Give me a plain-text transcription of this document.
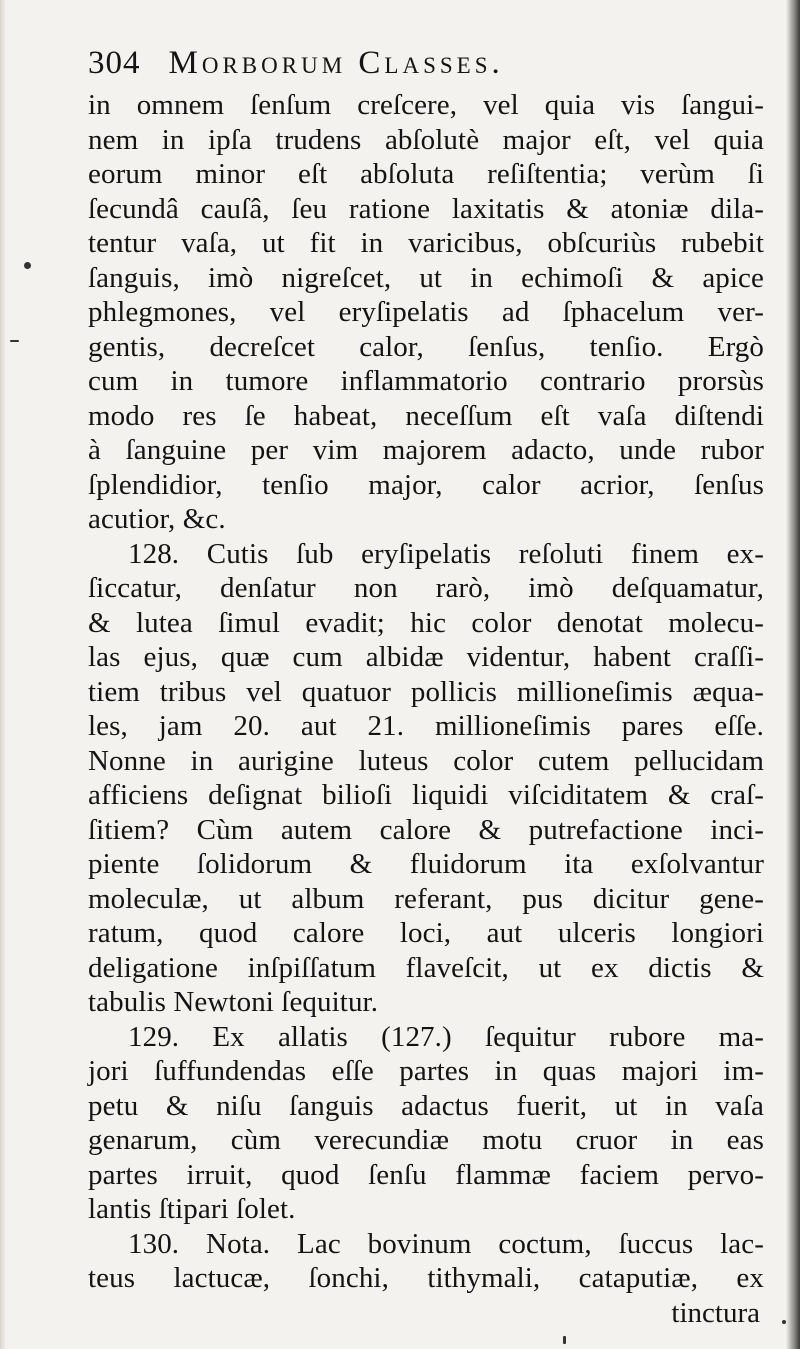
304 Morborum Classes.
in omnem ſenſum creſcere, vel quia vis ſangui-
nem in ipſa trudens abſolutè major eſt, vel quia
eorum minor eſt abſoluta reſiſtentia; verùm ſi
ſecundâ cauſâ, ſeu ratione laxitatis & atoniæ dila-
tentur vaſa, ut fit in varicibus, obſcuriùs rubebit
ſanguis, imò nigreſcet, ut in echimoſi & apice
phlegmones, vel eryſipelatis ad ſphacelum ver-
gentis, decreſcet calor, ſenſus, tenſio. Ergò
cum in tumore inflammatorio contrario prorsùs
modo res ſe habeat, neceſſum eſt vaſa diſtendi
à ſanguine per vim majorem adactо, unde rubor
ſplendidior, tenſio major, calor acrior, ſenſus
acutior, &c.
128. Cutis ſub eryſipelatis reſoluti finem ex-
ſiccatur, denſatur non rarò, imò deſquamatur,
& lutea ſimul evadit; hic color denotat molecu-
las ejus, quæ cum albidæ videntur, habent craſſi-
tiem tribus vel quatuor pollicis millioneſimis æqua-
les, jam 20. aut 21. millioneſimis pares eſſe.
Nonne in aurigine luteus color cutem pellucidam
afficiens deſignat bilioſi liquidi viſciditatem & craſ-
ſitiem? Cùm autem calore & putrefactione inci-
piente ſolidorum & fluidorum ita exſolvantur
moleculæ, ut album referant, pus dicitur gene-
ratum, quod calore loci, aut ulceris longiori
deligatione inſpiſſatum flaveſcit, ut ex dictis &
tabulis Newtoni ſequitur.
129. Ex allatis (127.) ſequitur rubore ma-
jori ſuffundendas eſſe partes in quas majori im-
petu & niſu ſanguis adactus fuerit, ut in vaſa
genarum, cùm verecundiæ motu cruor in eas
partes irruit, quod ſenſu flammæ faciem pervo-
lantis ſtipari ſolet.
130. Nota. Lac bovinum coctum, ſuccus lac-
teus lactucæ, ſonchi, tithymali, cataputiæ, ex
tinctura
